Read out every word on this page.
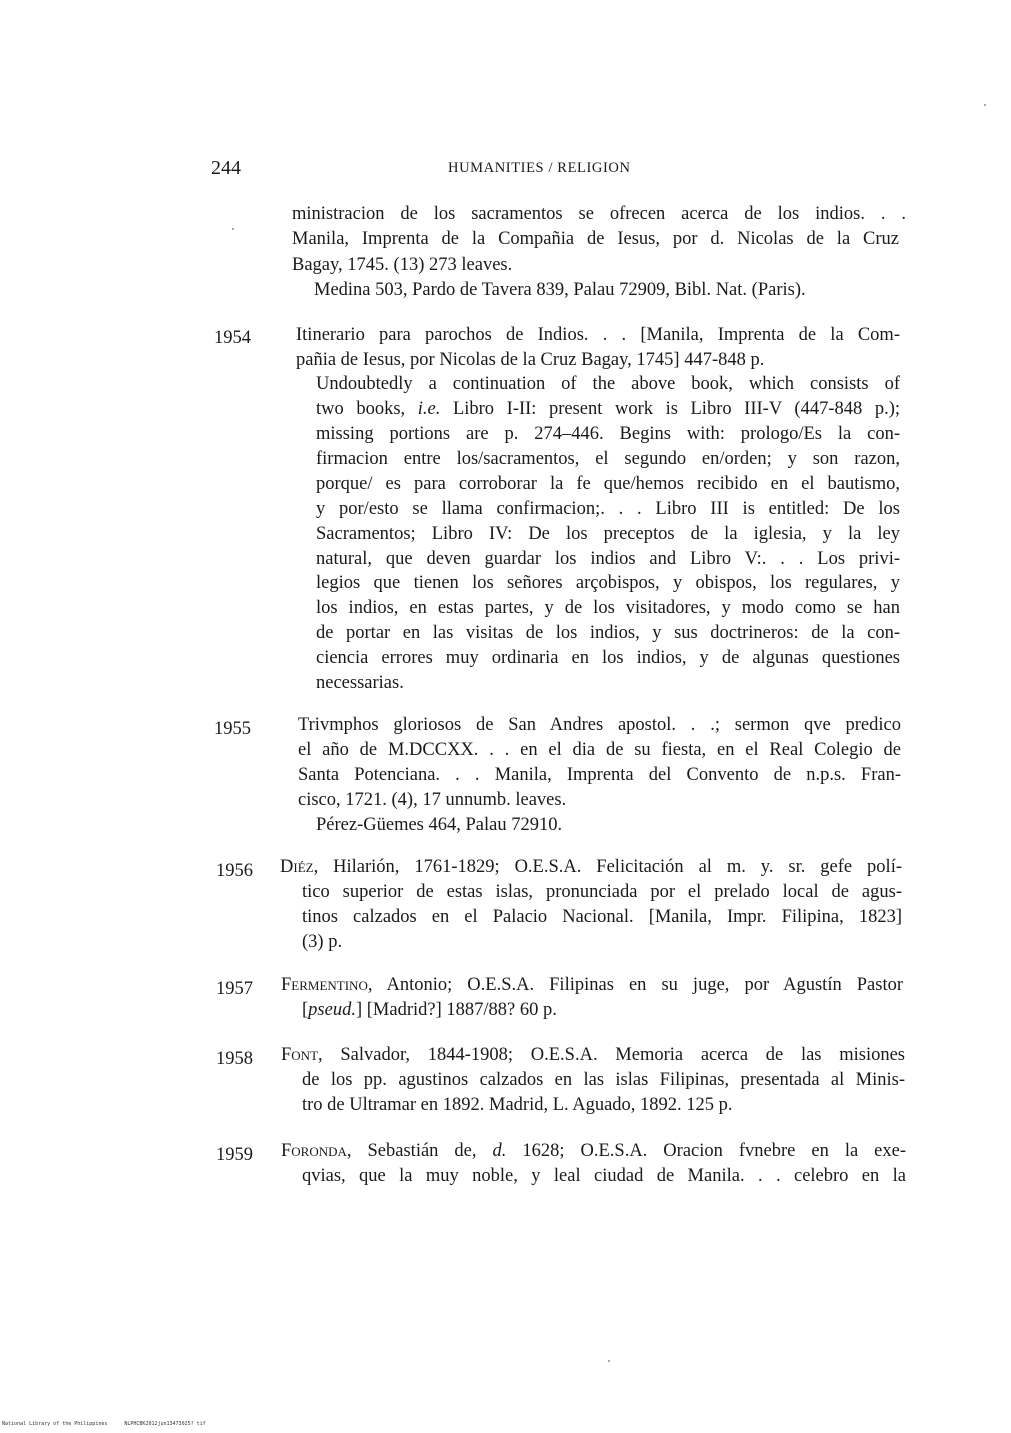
244	HUMANITIES / RELIGION
ministracion de los sacramentos se ofrecen acerca de los indios. . .
Manila, Imprenta de la Compañia de Iesus, por d. Nicolas de la Cruz
Bagay, 1745. (13) 273 leaves.
Medina 503, Pardo de Tavera 839, Palau 72909, Bibl. Nat. (Paris).
1954 Itinerario para parochos de Indios. . . [Manila, Imprenta de la Com-
pañia de Iesus, por Nicolas de la Cruz Bagay, 1745] 447-848 p.
Undoubtedly a continuation of the above book, which consists of
two books, i.e. Libro I-II: present work is Libro III-V (447-848 p.);
missing portions are p. 274–446. Begins with: prologo/Es la con-
firmacion entre los/sacramentos, el segundo en/orden; y son razon,
porque/ es para corroborar la fe que/hemos recibido en el bautismo,
y por/esto se llama confirmacion;. . . Libro III is entitled: De los
Sacramentos; Libro IV: De los preceptos de la iglesia, y la ley
natural, que deven guardar los indios and Libro V:. . . Los privi-
legios que tienen los señores arçobispos, y obispos, los regulares, y
los indios, en estas partes, y de los visitadores, y modo como se han
de portar en las visitas de los indios, y sus doctrineros: de la con-
ciencia errores muy ordinaria en los indios, y de algunas questiones
necessarias.
1955	Trivmphos gloriosos de San Andres apostol. . .; sermon qve predico
el año de M.DCCXX. . . en el dia de su fiesta, en el Real Colegio de
Santa Potenciana. . . Manila, Imprenta del Convento de n.p.s. Fran-
cisco, 1721. (4), 17 unnumb. leaves.
Pérez-Güemes 464, Palau 72910.
1956 Diéz, Hilarión, 1761-1829; O.E.S.A. Felicitación al m. y. sr. gefe polí-
tico superior de estas islas, pronunciada por el prelado local de agus-
tinos calzados en el Palacio Nacional. [Manila, Impr. Filipina, 1823]
(3) p.
1957 Fermentino, Antonio; O.E.S.A. Filipinas en su juge, por Agustín Pastor
[pseud.] [Madrid?] 1887/88? 60 p.
1958 Font, Salvador, 1844-1908; O.E.S.A. Memoria acerca de las misiones
de los pp. agustinos calzados en las islas Filipinas, presentada al Minis-
tro de Ultramar en 1892. Madrid, L. Aguado, 1892. 125 p.
1959 Foronda, Sebastián de, d. 1628; O.E.S.A. Oracion fvnebre en la exe-
qvias, que la muy noble, y leal ciudad de Manila. . . celebro en la
National Library of the Philippines	NLPHCBK2012jun13473025? tif
